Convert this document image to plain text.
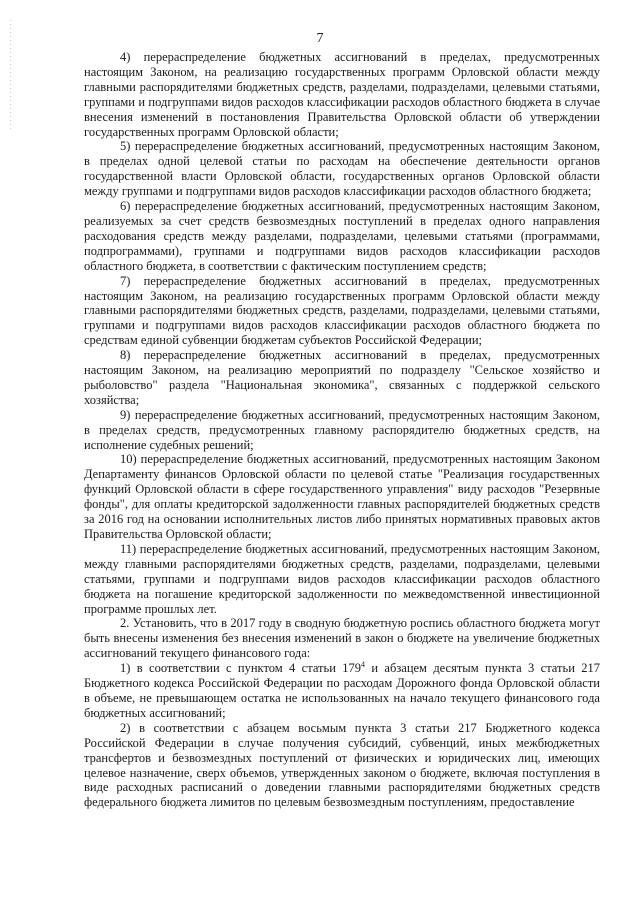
7

4) перераспределение бюджетных ассигнований в пределах, предусмотренных настоящим Законом, на реализацию государственных программ Орловской области между главными распорядителями бюджетных средств, разделами, подразделами, целевыми статьями, группами и подгруппами видов расходов классификации расходов областного бюджета в случае внесения изменений в постановления Правительства Орловской области об утверждении государственных программ Орловской области;

5) перераспределение бюджетных ассигнований, предусмотренных настоящим Законом, в пределах одной целевой статьи по расходам на обеспечение деятельности органов государственной власти Орловской области, государственных органов Орловской области между группами и подгруппами видов расходов классификации расходов областного бюджета;

6) перераспределение бюджетных ассигнований, предусмотренных настоящим Законом, реализуемых за счет средств безвозмездных поступлений в пределах одного направления расходования средств между разделами, подразделами, целевыми статьями (программами, подпрограммами), группами и подгруппами видов расходов классификации расходов областного бюджета, в соответствии с фактическим поступлением средств;

7) перераспределение бюджетных ассигнований в пределах, предусмотренных настоящим Законом, на реализацию государственных программ Орловской области между главными распорядителями бюджетных средств, разделами, подразделами, целевыми статьями, группами и подгруппами видов расходов классификации расходов областного бюджета по средствам единой субвенции бюджетам субъектов Российской Федерации;

8) перераспределение бюджетных ассигнований в пределах, предусмотренных настоящим Законом, на реализацию мероприятий по подразделу "Сельское хозяйство и рыболовство" раздела "Национальная экономика", связанных с поддержкой сельского хозяйства;

9) перераспределение бюджетных ассигнований, предусмотренных настоящим Законом, в пределах средств, предусмотренных главному распорядителю бюджетных средств, на исполнение судебных решений;

10) перераспределение бюджетных ассигнований, предусмотренных настоящим Законом Департаменту финансов Орловской области по целевой статье "Реализация государственных функций Орловской области в сфере государственного управления" виду расходов "Резервные фонды", для оплаты кредиторской задолженности главных распорядителей бюджетных средств за 2016 год на основании исполнительных листов либо принятых нормативных правовых актов Правительства Орловской области;

11) перераспределение бюджетных ассигнований, предусмотренных настоящим Законом, между главными распорядителями бюджетных средств, разделами, подразделами, целевыми статьями, группами и подгруппами видов расходов классификации расходов областного бюджета на погашение кредиторской задолженности по межведомственной инвестиционной программе прошлых лет.

2. Установить, что в 2017 году в сводную бюджетную роспись областного бюджета могут быть внесены изменения без внесения изменений в закон о бюджете на увеличение бюджетных ассигнований текущего финансового года:

1) в соответствии с пунктом 4 статьи $179^4$ и абзацем десятым пункта 3 статьи 217 Бюджетного кодекса Российской Федерации по расходам Дорожного фонда Орловской области в объеме, не превышающем остатка не использованных на начало текущего финансового года бюджетных ассигнований;

2) в соответствии с абзацем восьмым пункта 3 статьи 217 Бюджетного кодекса Российской Федерации в случае получения субсидий, субвенций, иных межбюджетных трансфертов и безвозмездных поступлений от физических и юридических лиц, имеющих целевое назначение, сверх объемов, утвержденных законом о бюджете, включая поступления в виде расходных расписаний о доведении главными распорядителями бюджетных средств федерального бюджета лимитов по целевым безвозмездным поступлениям, предоставление
